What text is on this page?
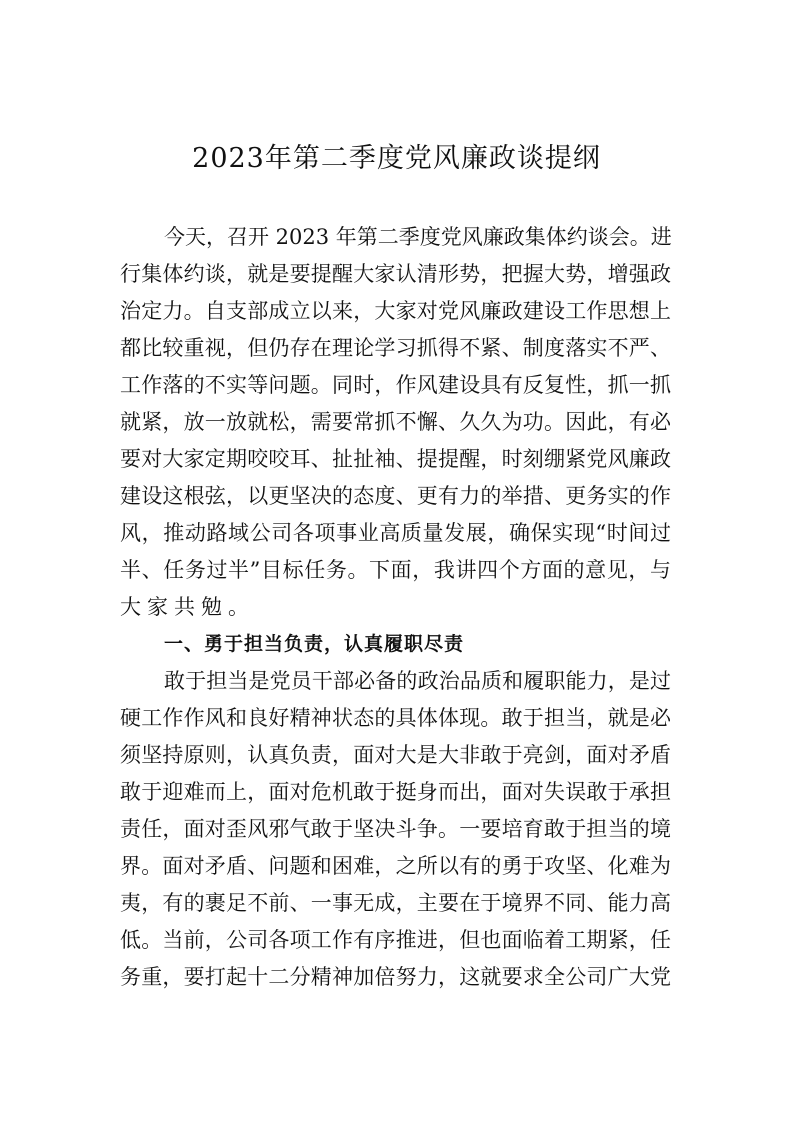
2023年第二季度党风廉政谈提纲
今天，召开 2023 年第二季度党风廉政集体约谈会。进
行集体约谈，就是要提醒大家认清形势，把握大势，增强政
治定力。自支部成立以来，大家对党风廉政建设工作思想上
都比较重视，但仍存在理论学习抓得不紧、制度落实不严、
工作落的不实等问题。同时，作风建设具有反复性，抓一抓
就紧，放一放就松，需要常抓不懈、久久为功。因此，有必
要对大家定期咬咬耳、扯扯袖、提提醒，时刻绷紧党风廉政
建设这根弦，以更坚决的态度、更有力的举措、更务实的作
风，推动路域公司各项事业高质量发展，确保实现“时间过
半、任务过半”目标任务。下面，我讲四个方面的意见，与
大家共勉。
一、勇于担当负责，认真履职尽责
敢于担当是党员干部必备的政治品质和履职能力，是过
硬工作作风和良好精神状态的具体体现。敢于担当，就是必
须坚持原则，认真负责，面对大是大非敢于亮剑，面对矛盾
敢于迎难而上，面对危机敢于挺身而出，面对失误敢于承担
责任，面对歪风邪气敢于坚决斗争。一要培育敢于担当的境
界。面对矛盾、问题和困难，之所以有的勇于攻坚、化难为
夷，有的裹足不前、一事无成，主要在于境界不同、能力高
低。当前，公司各项工作有序推进，但也面临着工期紧，任
务重，要打起十二分精神加倍努力，这就要求全公司广大党
